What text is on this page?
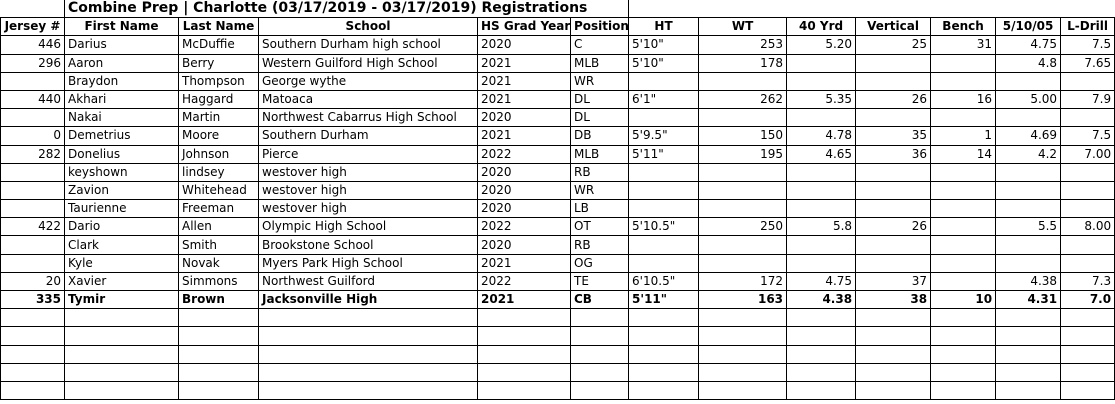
	Combine Prep | Charlotte (03/17/2019 - 03/17/2019) Registrations											
Jersey #	First Name	Last Name	School	HS Grad Year	Position	HT	WT	40 Yrd	Vertical	Bench	5/10/05	L-Drill
446	Darius	McDuffie	Southern Durham high school	2020	C	5'10"	253	5.20	25	31	4.75	7.5
296	Aaron	Berry	Western Guilford High School	2021	MLB	5'10"	178				4.8	7.65
	Braydon	Thompson	George wythe	2021	WR							
440	Akhari	Haggard	Matoaca	2021	DL	6'1"	262	5.35	26	16	5.00	7.9
	Nakai	Martin	Northwest Cabarrus High School	2020	DL							
0	Demetrius	Moore	Southern Durham	2021	DB	5'9.5"	150	4.78	35	1	4.69	7.5
282	Donelius	Johnson	Pierce	2022	MLB	5'11"	195	4.65	36	14	4.2	7.00
	keyshown	lindsey	westover high	2020	RB							
	Zavion	Whitehead	westover high	2020	WR							
	Taurienne	Freeman	westover high	2020	LB							
422	Dario	Allen	Olympic High School	2022	OT	5'10.5"	250	5.8	26		5.5	8.00
	Clark	Smith	Brookstone School	2020	RB							
	Kyle	Novak	Myers Park High School	2021	OG							
20	Xavier	Simmons	Northwest Guilford	2022	TE	6'10.5"	172	4.75	37		4.38	7.3
335	Tymir	Brown	Jacksonville High	2021	CB	5'11"	163	4.38	38	10	4.31	7.0
